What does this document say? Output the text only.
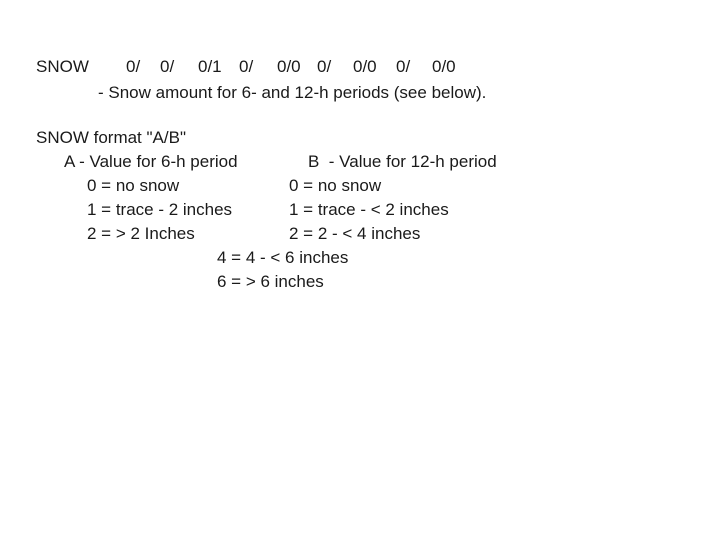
SNOW 0/ 0/ 0/1 0/ 0/0 0/ 0/0 0/ 0/0
- Snow amount for 6- and 12-h periods (see below).
SNOW format "A/B"
A - Value for 6-h period
0 = no snow
1 = trace - 2 inches
2 = > 2 Inches
B  - Value for 12-h period
0 = no snow
1 = trace - < 2 inches
2 = 2 - < 4 inches
4 = 4 - < 6 inches
6 = > 6 inches
